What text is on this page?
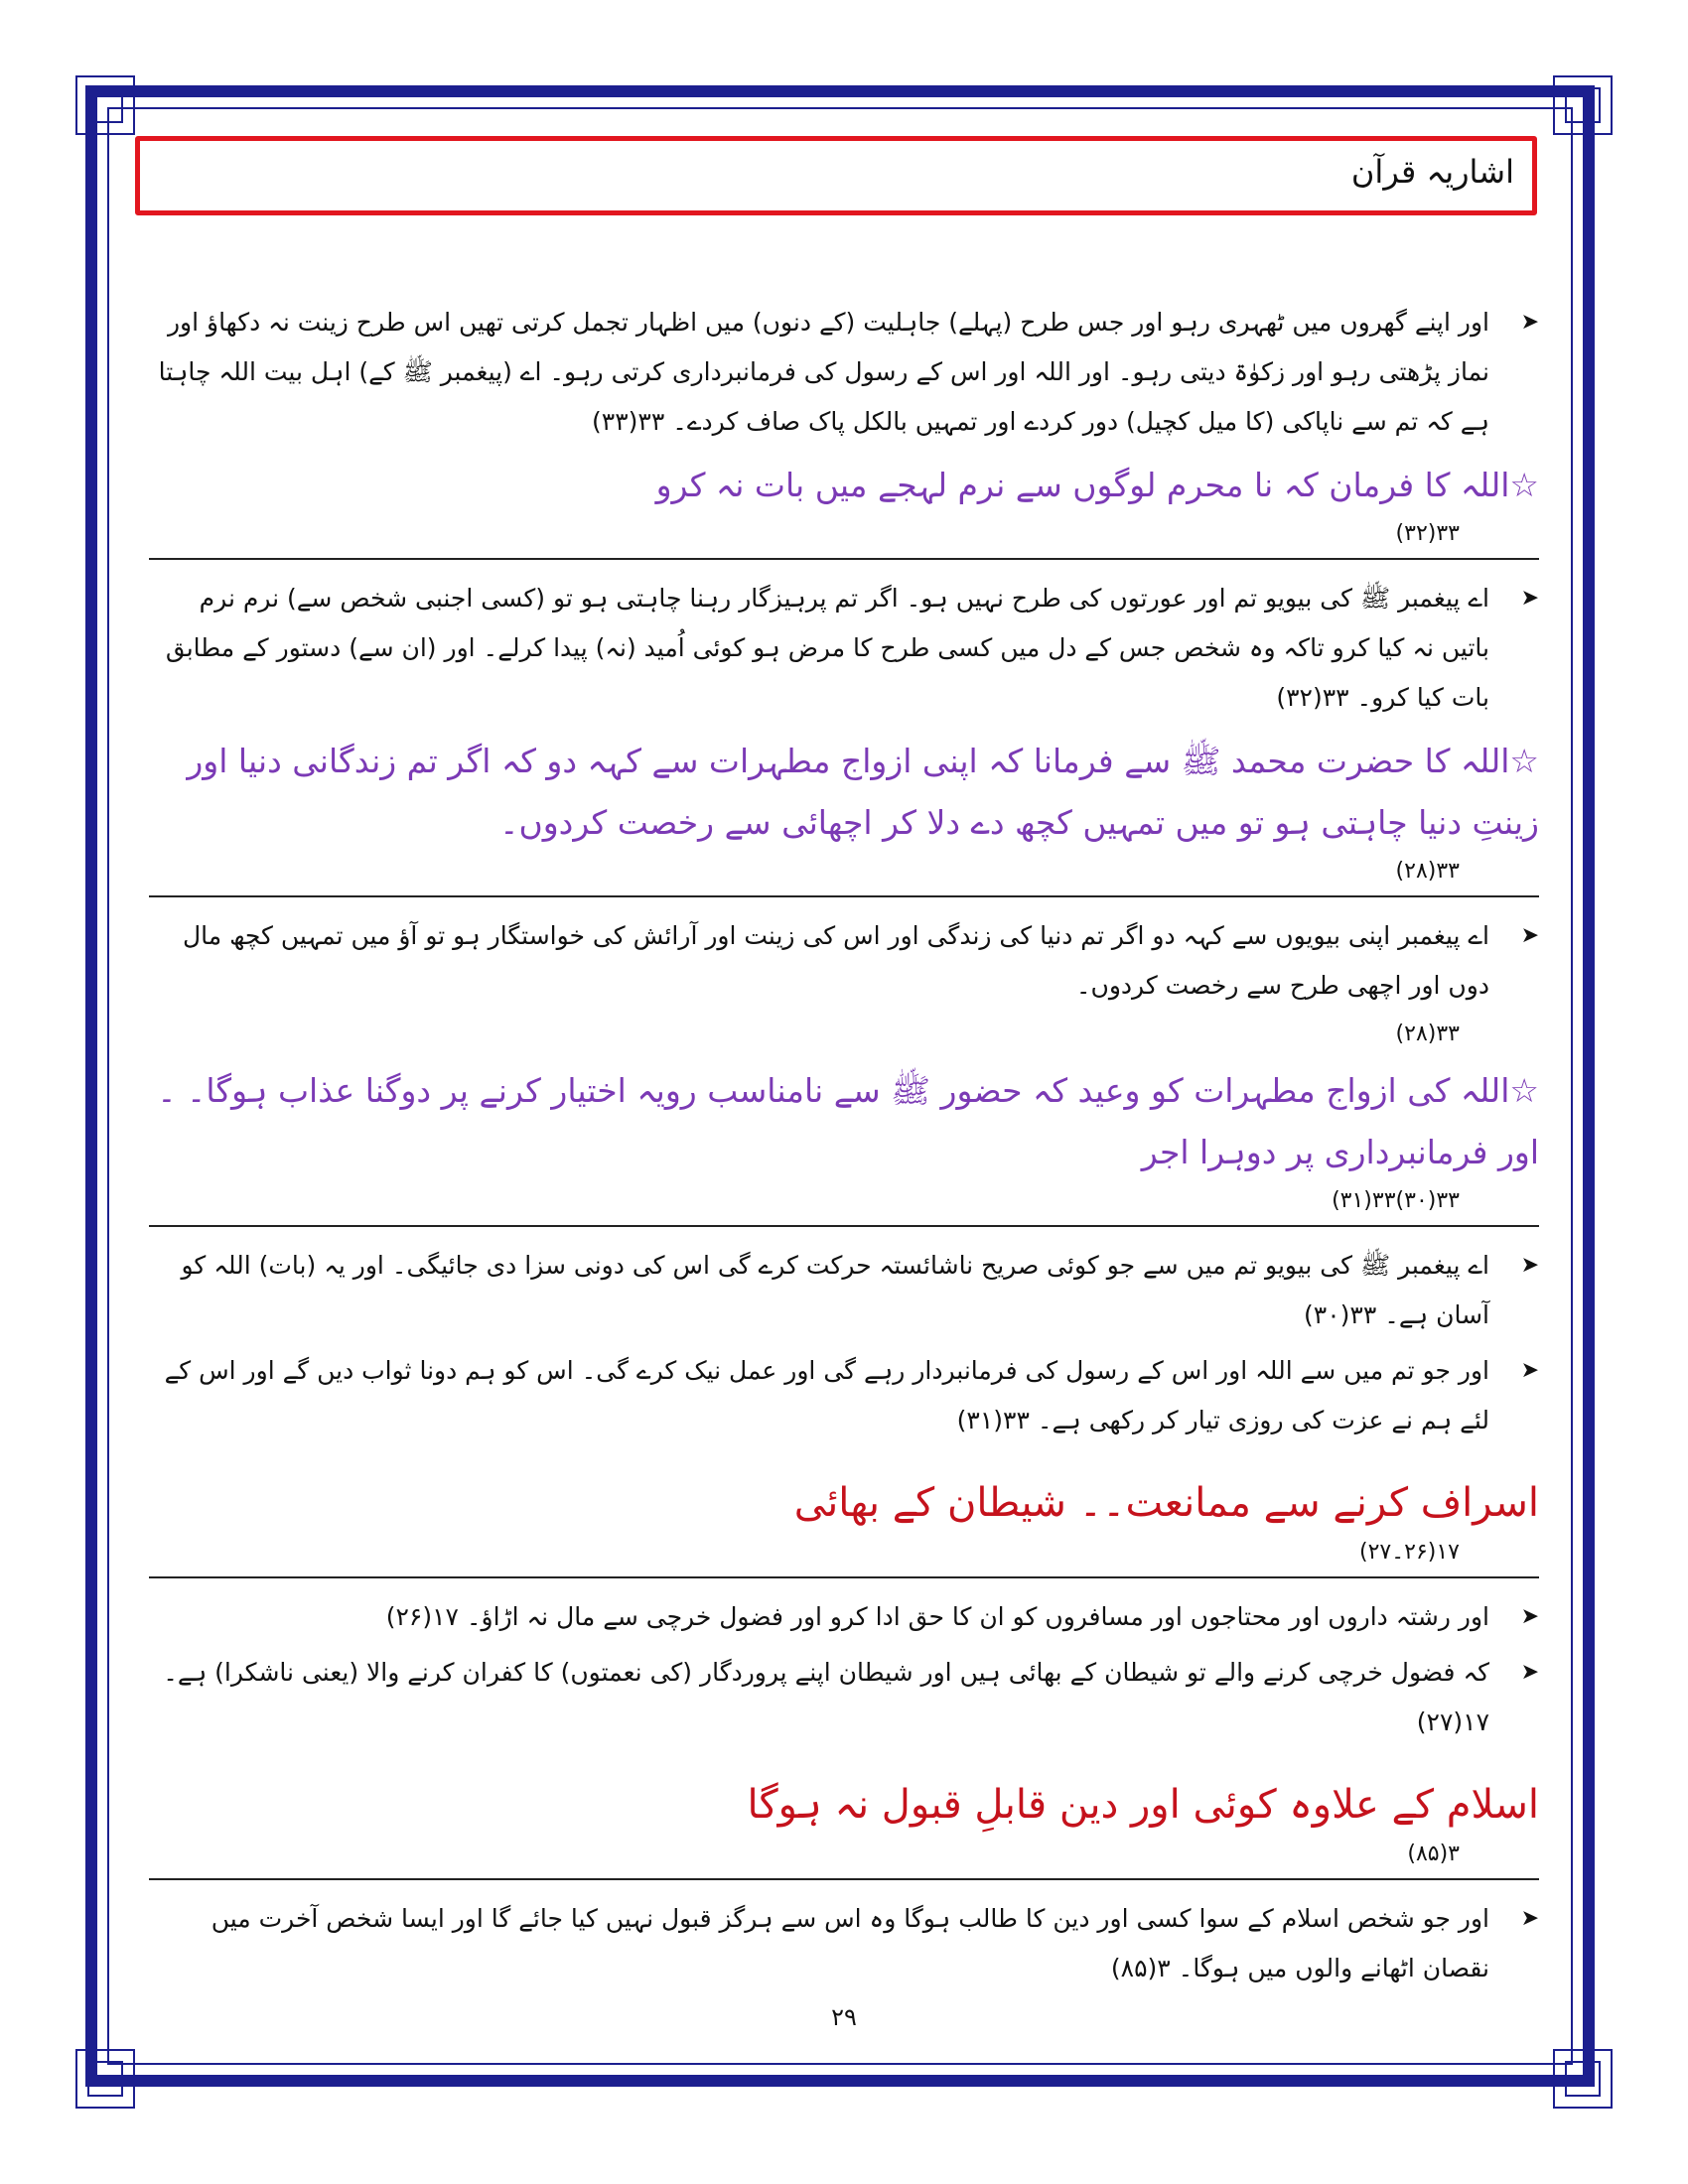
اشاریہ قرآن
➤
اور اپنے گھروں میں ٹھہری رہو اور جس طرح (پہلے) جاہلیت (کے دنوں) میں اظہار تجمل کرتی تھیں اس طرح زینت نہ دکھاؤ اور نماز پڑھتی رہو اور زکوٰۃ دیتی رہو۔ اور اللہ اور اس کے رسول کی فرمانبرداری کرتی رہو۔ اے (پیغمبر ﷺ کے) اہل بیت اللہ چاہتا ہے کہ تم سے ناپاکی (کا میل کچیل) دور کردے اور تمہیں بالکل پاک صاف کردے۔ ۳۳(۳۳)
☆اللہ کا فرمان کہ نا محرم لوگوں سے نرم لہجے میں بات نہ کرو
۳۳(۳۲)
➤
اے پیغمبر ﷺ کی بیویو تم اور عورتوں کی طرح نہیں ہو۔ اگر تم پرہیزگار رہنا چاہتی ہو تو (کسی اجنبی شخص سے) نرم نرم باتیں نہ کیا کرو تاکہ وہ شخص جس کے دل میں کسی طرح کا مرض ہو کوئی اُمید (نہ) پیدا کرلے۔ اور (ان سے) دستور کے مطابق بات کیا کرو۔ ۳۳(۳۲)
☆اللہ کا حضرت محمد ﷺ سے فرمانا کہ اپنی ازواج مطہرات سے کہہ دو کہ اگر تم زندگانی دنیا اور زینتِ دنیا چاہتی ہو تو میں تمہیں کچھ دے دلا کر اچھائی سے رخصت کردوں۔
۳۳(۲۸)
➤
اے پیغمبر اپنی بیویوں سے کہہ دو اگر تم دنیا کی زندگی اور اس کی زینت اور آرائش کی خواستگار ہو تو آؤ میں تمہیں کچھ مال دوں اور اچھی طرح سے رخصت کردوں۔
۳۳(۲۸)
☆اللہ کی ازواج مطہرات کو وعید کہ حضور ﷺ سے نامناسب رویہ اختیار کرنے پر دوگنا عذاب ہوگا۔ ۔ اور فرمانبرداری پر دوہرا اجر
۳۳(۳۰)۳۳(۳۱)
➤
اے پیغمبر ﷺ کی بیویو تم میں سے جو کوئی صریح ناشائستہ حرکت کرے گی اس کی دونی سزا دی جائیگی۔ اور یہ (بات) اللہ کو آسان ہے۔ ۳۳(۳۰)
➤
اور جو تم میں سے اللہ اور اس کے رسول کی فرمانبردار رہے گی اور عمل نیک کرے گی۔ اس کو ہم دونا ثواب دیں گے اور اس کے لئے ہم نے عزت کی روزی تیار کر رکھی ہے۔ ۳۳(۳۱)
اسراف کرنے سے ممانعت۔۔ شیطان کے بھائی
۱۷(۲۶۔۲۷)
➤
اور رشتہ داروں اور محتاجوں اور مسافروں کو ان کا حق ادا کرو اور فضول خرچی سے مال نہ اڑاؤ۔ ۱۷(۲۶)
➤
کہ فضول خرچی کرنے والے تو شیطان کے بھائی ہیں اور شیطان اپنے پروردگار (کی نعمتوں) کا کفران کرنے والا (یعنی ناشکرا) ہے۔ ۱۷(۲۷)
اسلام کے علاوہ کوئی اور دین قابلِ قبول نہ ہوگا
۳(۸۵)
➤
اور جو شخص اسلام کے سوا کسی اور دین کا طالب ہوگا وہ اس سے ہرگز قبول نہیں کیا جائے گا اور ایسا شخص آخرت میں نقصان اٹھانے والوں میں ہوگا۔ ۳(۸۵)
۲۹
